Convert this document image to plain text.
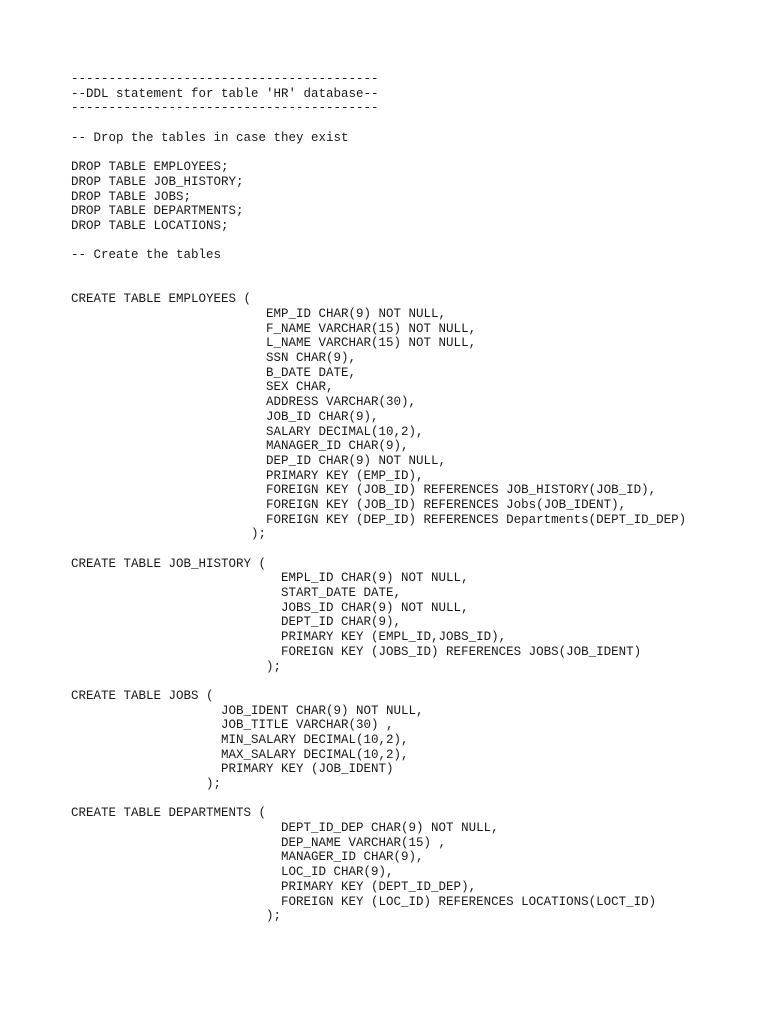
-----------------------------------------
--DDL statement for table 'HR' database--
-----------------------------------------
-- Drop the tables in case they exist
DROP TABLE EMPLOYEES;
DROP TABLE JOB_HISTORY;
DROP TABLE JOBS;
DROP TABLE DEPARTMENTS;
DROP TABLE LOCATIONS;
-- Create the tables
CREATE TABLE EMPLOYEES (
EMP_ID CHAR(9) NOT NULL,
F_NAME VARCHAR(15) NOT NULL,
L_NAME VARCHAR(15) NOT NULL,
SSN CHAR(9),
B_DATE DATE,
SEX CHAR,
ADDRESS VARCHAR(30),
JOB_ID CHAR(9),
SALARY DECIMAL(10,2),
MANAGER_ID CHAR(9),
DEP_ID CHAR(9) NOT NULL,
PRIMARY KEY (EMP_ID),
FOREIGN KEY (JOB_ID) REFERENCES JOB_HISTORY(JOB_ID),
FOREIGN KEY (JOB_ID) REFERENCES Jobs(JOB_IDENT),
FOREIGN KEY (DEP_ID) REFERENCES Departments(DEPT_ID_DEP)
);
CREATE TABLE JOB_HISTORY (
EMPL_ID CHAR(9) NOT NULL,
START_DATE DATE,
JOBS_ID CHAR(9) NOT NULL,
DEPT_ID CHAR(9),
PRIMARY KEY (EMPL_ID,JOBS_ID),
FOREIGN KEY (JOBS_ID) REFERENCES JOBS(JOB_IDENT)
);
CREATE TABLE JOBS (
JOB_IDENT CHAR(9) NOT NULL,
JOB_TITLE VARCHAR(30) ,
MIN_SALARY DECIMAL(10,2),
MAX_SALARY DECIMAL(10,2),
PRIMARY KEY (JOB_IDENT)
);
CREATE TABLE DEPARTMENTS (
DEPT_ID_DEP CHAR(9) NOT NULL,
DEP_NAME VARCHAR(15) ,
MANAGER_ID CHAR(9),
LOC_ID CHAR(9),
PRIMARY KEY (DEPT_ID_DEP),
FOREIGN KEY (LOC_ID) REFERENCES LOCATIONS(LOCT_ID)
);
